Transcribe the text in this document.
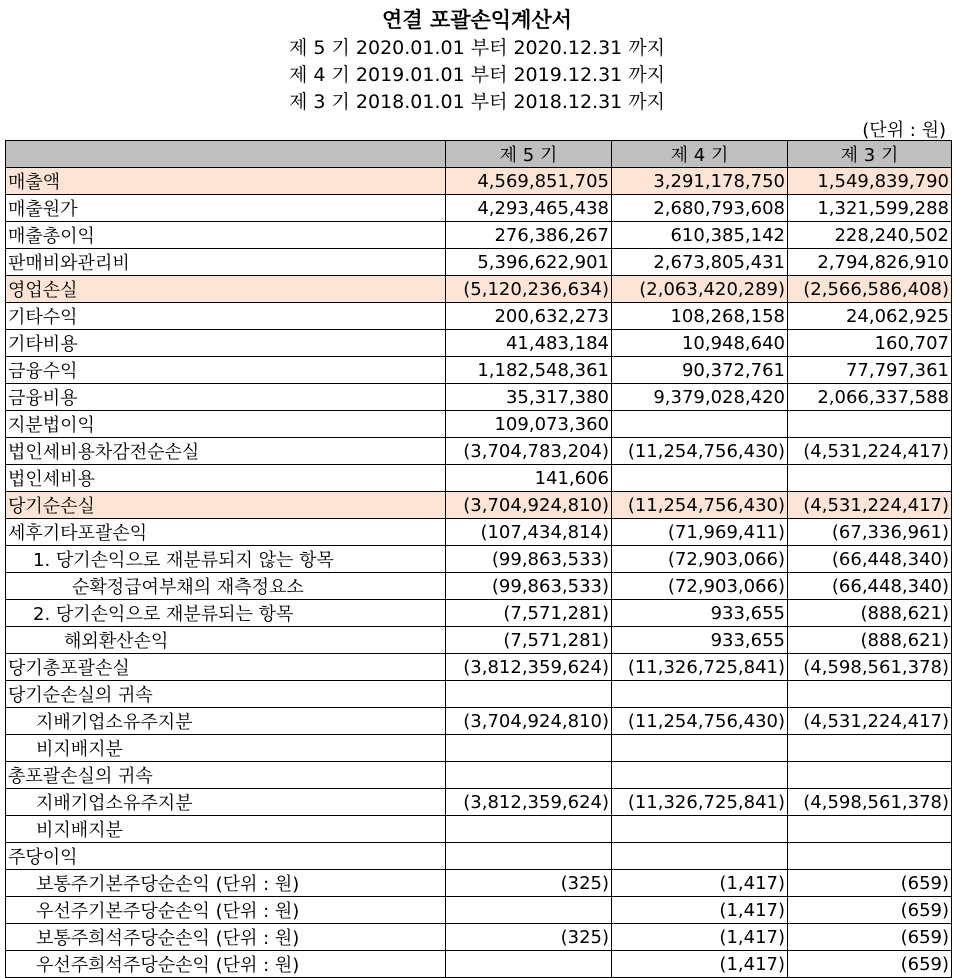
연결 포괄손익계산서
제 5 기 2020.01.01 부터 2020.12.31 까지
제 4 기 2019.01.01 부터 2019.12.31 까지
제 3 기 2018.01.01 부터 2018.12.31 까지
(단위 : 원)
	제 5 기	제 4 기	제 3 기
매출액	4,569,851,705	3,291,178,750	1,549,839,790
매출원가	4,293,465,438	2,680,793,608	1,321,599,288
매출총이익	276,386,267	610,385,142	228,240,502
판매비와관리비	5,396,622,901	2,673,805,431	2,794,826,910
영업손실	(5,120,236,634)	(2,063,420,289)	(2,566,586,408)
기타수익	200,632,273	108,268,158	24,062,925
기타비용	41,483,184	10,948,640	160,707
금융수익	1,182,548,361	90,372,761	77,797,361
금융비용	35,317,380	9,379,028,420	2,066,337,588
지분법이익	109,073,360		
법인세비용차감전순손실	(3,704,783,204)	(11,254,756,430)	(4,531,224,417)
법인세비용	141,606		
당기순손실	(3,704,924,810)	(11,254,756,430)	(4,531,224,417)
세후기타포괄손익	(107,434,814)	(71,969,411)	(67,336,961)
1. 당기손익으로 재분류되지 않는 항목	(99,863,533)	(72,903,066)	(66,448,340)
순확정급여부채의 재측정요소	(99,863,533)	(72,903,066)	(66,448,340)
2. 당기손익으로 재분류되는 항목	(7,571,281)	933,655	(888,621)
해외환산손익	(7,571,281)	933,655	(888,621)
당기총포괄손실	(3,812,359,624)	(11,326,725,841)	(4,598,561,378)
당기순손실의 귀속			
지배기업소유주지분	(3,704,924,810)	(11,254,756,430)	(4,531,224,417)
비지배지분			
총포괄손실의 귀속			
지배기업소유주지분	(3,812,359,624)	(11,326,725,841)	(4,598,561,378)
비지배지분			
주당이익			
보통주기본주당순손익 (단위 : 원)	(325)	(1,417)	(659)
우선주기본주당순손익 (단위 : 원)		(1,417)	(659)
보통주희석주당순손익 (단위 : 원)	(325)	(1,417)	(659)
우선주희석주당순손익 (단위 : 원)		(1,417)	(659)
